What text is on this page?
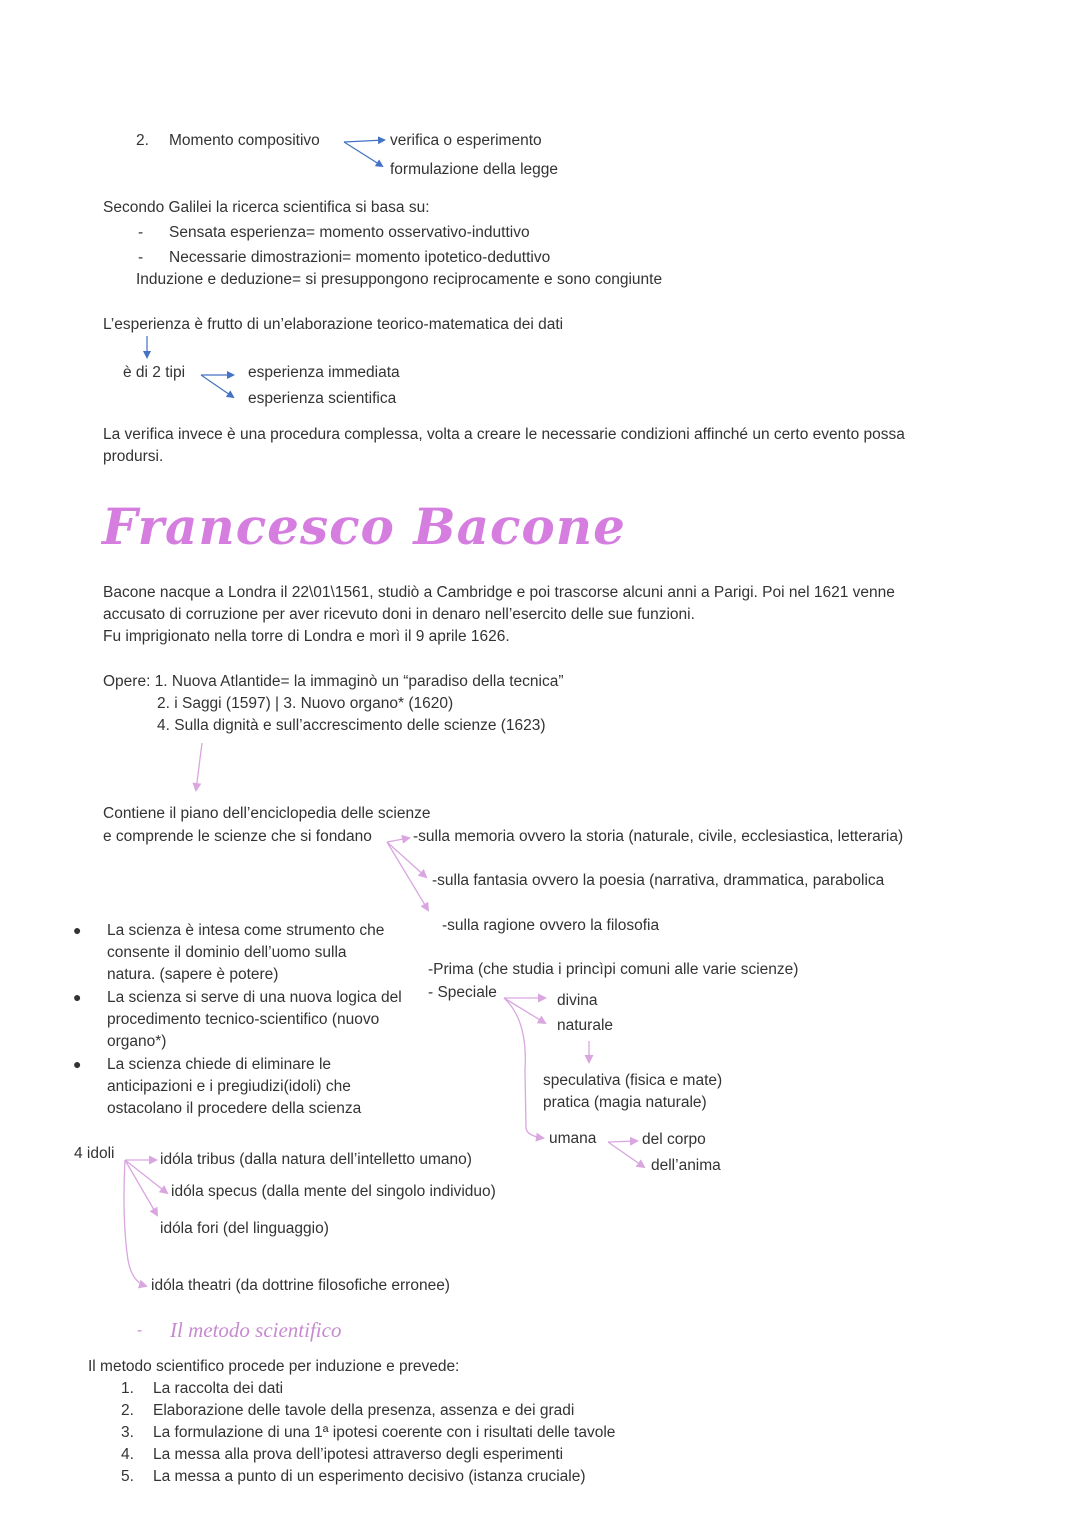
2. Momento compositivo	verifica o esperimento
formulazione della legge
Secondo Galilei la ricerca scientifica si basa su:
- Sensata esperienza= momento osservativo-induttivo
- Necessarie dimostrazioni= momento ipotetico-deduttivo
Induzione e deduzione= si presuppongono reciprocamente e sono congiunte
L’esperienza è frutto di un’elaborazione teorico-matematica dei dati
è di 2 tipi	esperienza immediata
esperienza scientifica
La verifica invece è una procedura complessa, volta a creare le necessarie condizioni affinché un certo evento possa
prodursi.
Francesco Bacone
Bacone nacque a Londra il 22\01\1561, studiò a Cambridge e poi trascorse alcuni anni a Parigi. Poi nel 1621 venne
accusato di corruzione per aver ricevuto doni in denaro nell’esercito delle sue funzioni.
Fu imprigionato nella torre di Londra e morì il 9 aprile 1626.
Opere: 1. Nuova Atlantide= la immaginò un “paradiso della tecnica”
2. i Saggi (1597) | 3. Nuovo organo* (1620)
4. Sulla dignità e sull’accrescimento delle scienze (1623)
Contiene il piano dell’enciclopedia delle scienze
e comprende le scienze che si fondano	-sulla memoria ovvero la storia (naturale, civile, ecclesiastica, letteraria)
-sulla fantasia ovvero la poesia (narrativa, drammatica, parabolica
-sulla ragione ovvero la filosofia
-Prima (che studia i princìpi comuni alle varie scienze)
- Speciale	divina
naturale
speculativa (fisica e mate)
pratica (magia naturale)
umana	del corpo
dell’anima
● La scienza è intesa come strumento che
consente il dominio dell’uomo sulla
natura. (sapere è potere)
● La scienza si serve di una nuova logica del
procedimento tecnico-scientifico (nuovo
organo*)
● La scienza chiede di eliminare le
anticipazioni e i pregiudizi(idoli) che
ostacolano il procedere della scienza
4 idoli	idóla tribus (dalla natura dell’intelletto umano)
idóla specus (dalla mente del singolo individuo)
idóla fori (del linguaggio)
idóla theatri (da dottrine filosofiche erronee)
- Il metodo scientifico
Il metodo scientifico procede per induzione e prevede:
1. La raccolta dei dati
2. Elaborazione delle tavole della presenza, assenza e dei gradi
3. La formulazione di una 1ª ipotesi coerente con i risultati delle tavole
4. La messa alla prova dell’ipotesi attraverso degli esperimenti
5. La messa a punto di un esperimento decisivo (istanza cruciale)
